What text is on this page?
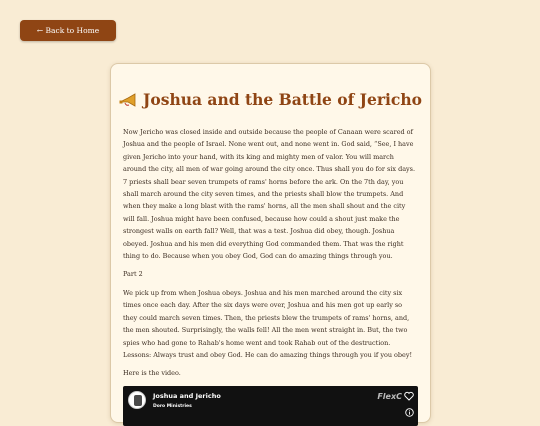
← Back to Home
Joshua and the Battle of Jericho

Now Jericho was closed inside and outside because the people of Canaan were scared of Joshua and the people of Israel. None went out, and none went in. God said, “See, I have given Jericho into your hand, with its king and mighty men of valor. You will march around the city, all men of war going around the city once. Thus shall you do for six days. 7 priests shall bear seven trumpets of rams' horns before the ark. On the 7th day, you shall march around the city seven times, and the priests shall blow the trumpets. And when they make a long blast with the rams' horns, all the men shall shout and the city will fall. Joshua might have been confused, because how could a shout just make the strongest walls on earth fall? Well, that was a test. Joshua did obey, though. Joshua obeyed. Joshua and his men did everything God commanded them. That was the right thing to do. Because when you obey God, God can do amazing things through you.

Part 2

We pick up from when Joshua obeys. Joshua and his men marched around the city six times once each day. After the six days were over, Joshua and his men got up early so they could march seven times. Then, the priests blew the trumpets of rams' horns, and, the men shouted. Surprisingly, the walls fell! All the men went straight in. But, the two spies who had gone to Rahab's home went and took Rahab out of the destruction. Lessons: Always trust and obey God. He can do amazing things through you if you obey!

Here is the video.

Joshua and Jericho
Doro Ministries
FlexC
